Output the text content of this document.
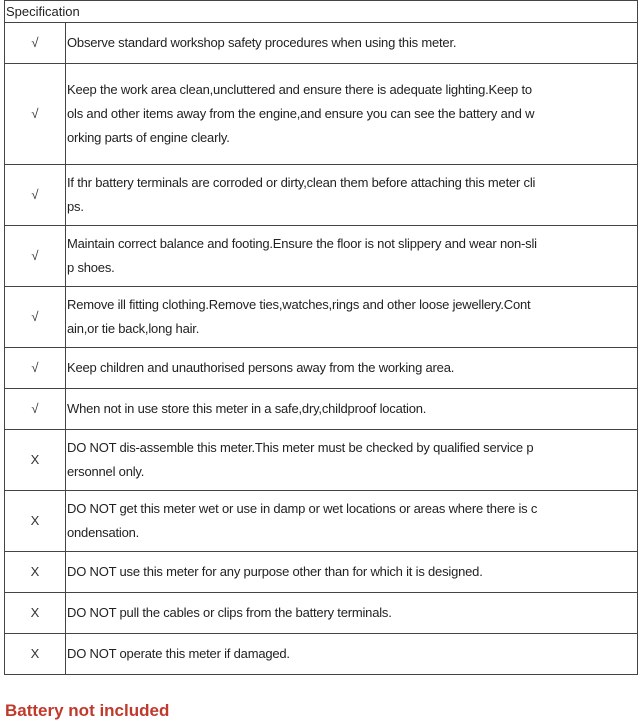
Specification
√	Observe standard workshop safety procedures when using this meter.
√	Keep the work area clean,uncluttered and ensure there is adequate lighting.Keep to
ols and other items away from the engine,and ensure you can see the battery and w
orking parts of engine clearly.
√	If thr battery terminals are corroded or dirty,clean them before attaching this meter cli
ps.
√	Maintain correct balance and footing.Ensure the floor is not slippery and wear non-sli
p shoes.
√	Remove ill fitting clothing.Remove ties,watches,rings and other loose jewellery.Cont
ain,or tie back,long hair.
√	Keep children and unauthorised persons away from the working area.
√	When not in use store this meter in a safe,dry,childproof location.
X	DO NOT dis-assemble this meter.This meter must be checked by qualified service p
ersonnel only.
X	DO NOT get this meter wet or use in damp or wet locations or areas where there is c
ondensation.
X	DO NOT use this meter for any purpose other than for which it is designed.
X	DO NOT pull the cables or clips from the battery terminals.
X	DO NOT operate this meter if damaged.
Battery not included
